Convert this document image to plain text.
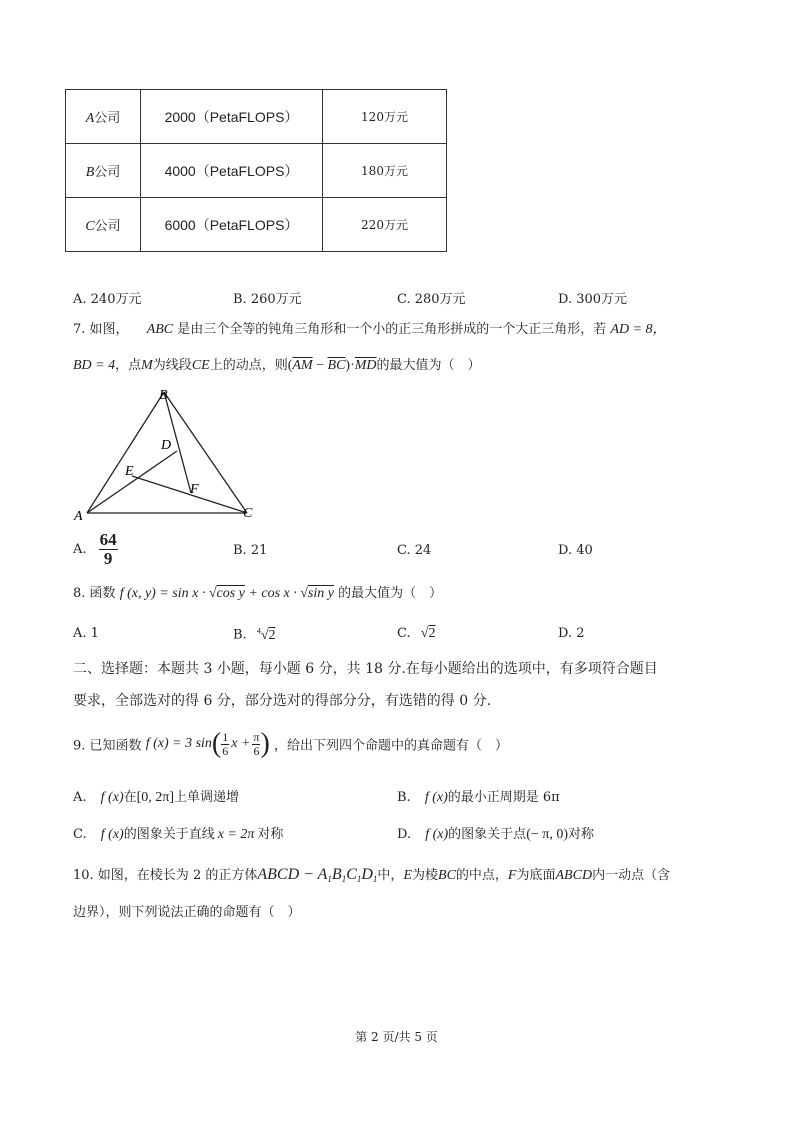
A公司	2000（PetaFLOPS）	120万元
B公司	4000（PetaFLOPS）	180万元
C公司	6000（PetaFLOPS）	220万元
A. 240万元	B. 260万元	C. 280万元	D. 300万元
7. 如图， ABC 是由三个全等的钝角三角形和一个小的正三角形拼成的一个大正三角形，若 AD = 8，
BD = 4，点M为线段CE上的动点，则$(\overline{AM} - \overline{BC})\cdot\overline{MD}$的最大值为（　）
B
D
E
F
A	C
A. $\frac{64}{9}$	B. 21	C. 24	D. 40
8. 函数 f (x, y) = sin x · √cos y + cos x · √sin y 的最大值为（　）
A. 1	B. $^4$√2	C. √2	D. 2
二、选择题：本题共 3 小题，每小题 6 分，共 18 分.在每小题给出的选项中，有多项符合题目
要求，全部选对的得 6 分，部分选对的得部分分，有选错的得 0 分.
9. 已知函数 f (x) = 3 $\sin( \frac{1}{6}$ $x + \frac{\pi}{6}$ ) ，给出下列四个命题中的真命题有（　）
A. f (x)在[0, 2π]上单调递增	B. f (x)的最小正周期是 6π
C. f (x)的图象关于直线 x = 2π 对称	D. f (x)的图象关于点(− π, 0)对称
10. 如图，在棱长为 2 的正方体ABCD − $A_1B_1C_1D_1$中，E为棱BC的中点，F为底面ABCD内一动点（含
边界），则下列说法正确的命题有（　）
第 2 页/共 5 页
